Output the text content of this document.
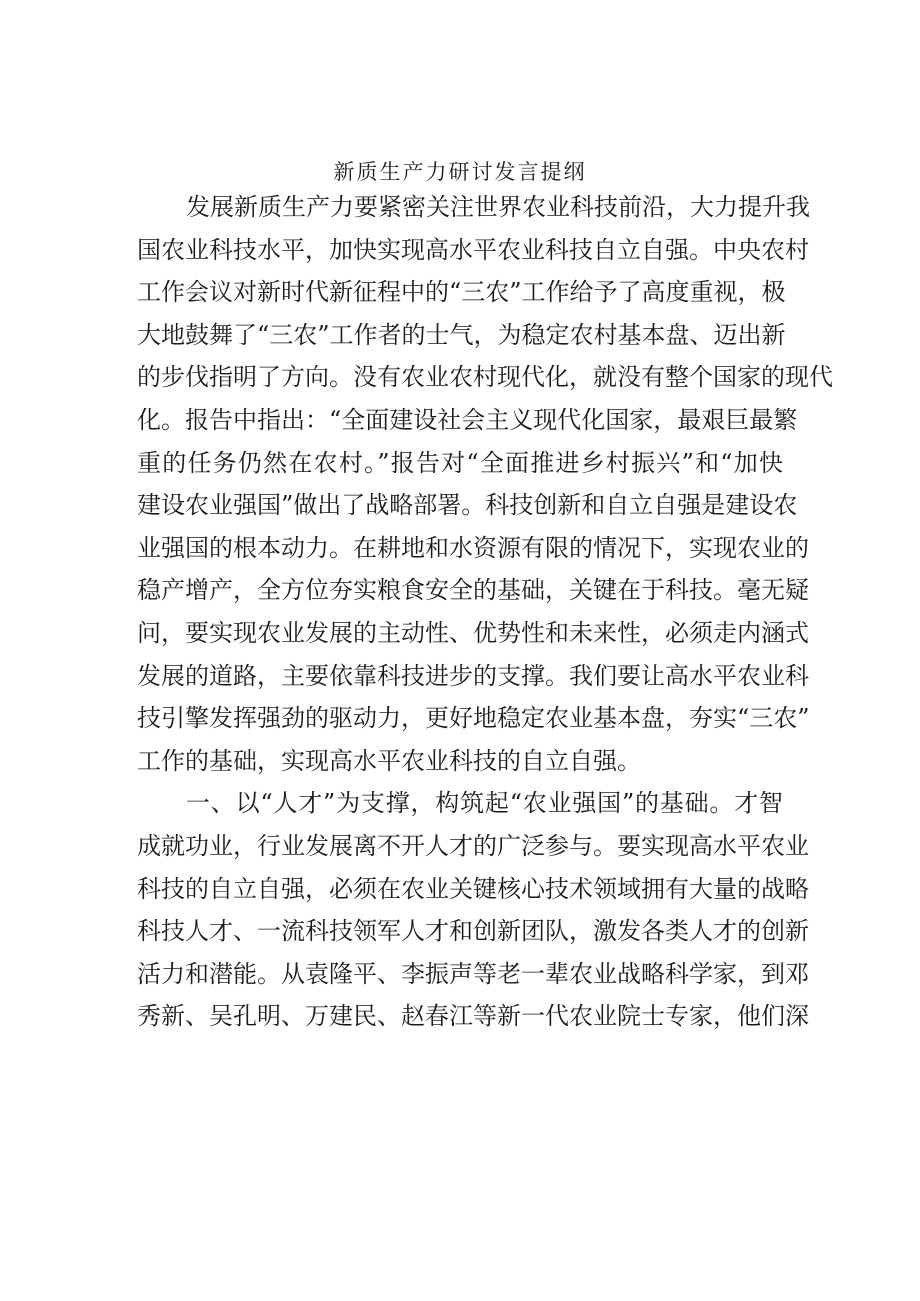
新质生产力研讨发言提纲
发展新质生产力要紧密关注世界农业科技前沿，大力提升我
国农业科技水平，加快实现高水平农业科技自立自强。中央农村
工作会议对新时代新征程中的“三农”工作给予了高度重视，极
大地鼓舞了“三农”工作者的士气，为稳定农村基本盘、迈出新
的步伐指明了方向。没有农业农村现代化，就没有整个国家的现代
化。报告中指出：“全面建设社会主义现代化国家，最艰巨最繁
重的任务仍然在农村。”报告对“全面推进乡村振兴”和“加快
建设农业强国”做出了战略部署。科技创新和自立自强是建设农
业强国的根本动力。在耕地和水资源有限的情况下，实现农业的
稳产增产，全方位夯实粮食安全的基础，关键在于科技。毫无疑
问，要实现农业发展的主动性、优势性和未来性，必须走内涵式
发展的道路，主要依靠科技进步的支撑。我们要让高水平农业科
技引擎发挥强劲的驱动力，更好地稳定农业基本盘，夯实“三农”
工作的基础，实现高水平农业科技的自立自强。
一、以“人才”为支撑，构筑起“农业强国”的基础。才智
成就功业，行业发展离不开人才的广泛参与。要实现高水平农业
科技的自立自强，必须在农业关键核心技术领域拥有大量的战略
科技人才、一流科技领军人才和创新团队，激发各类人才的创新
活力和潜能。从袁隆平、李振声等老一辈农业战略科学家，到邓
秀新、吴孔明、万建民、赵春江等新一代农业院士专家，他们深
